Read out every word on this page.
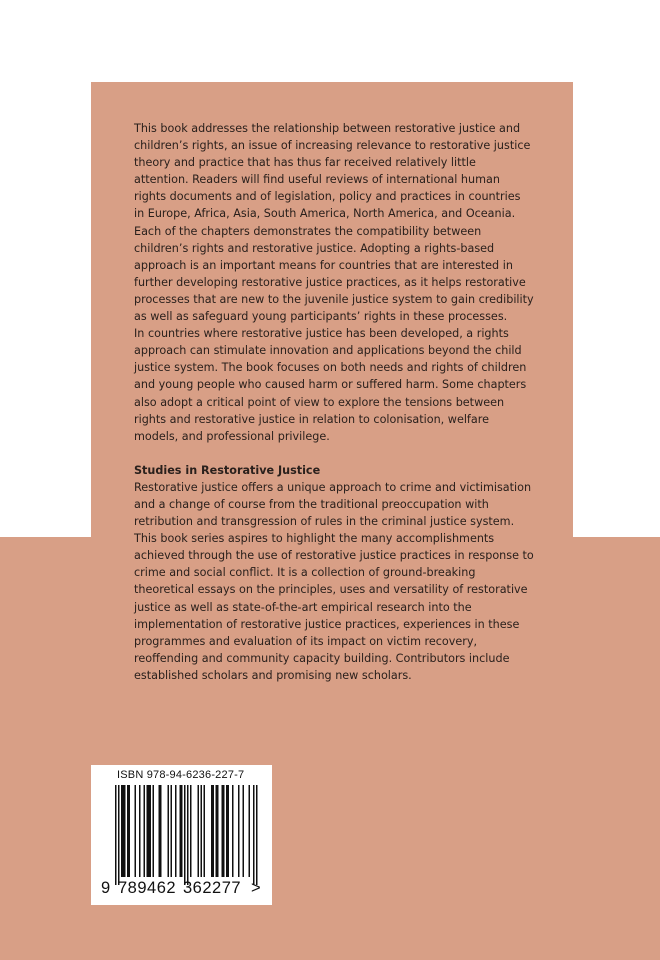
This book addresses the relationship between restorative justice and children’s rights, an issue of increasing relevance to restorative justice theory and practice that has thus far received relatively little attention. Readers will find useful reviews of international human rights documents and of legislation, policy and practices in countries in Europe, Africa, Asia, South America, North America, and Oceania. Each of the chapters demonstrates the compatibility between children’s rights and restorative justice. Adopting a rights-based approach is an important means for countries that are interested in further developing restorative justice practices, as it helps restorative processes that are new to the juvenile justice system to gain credibility as well as safeguard young participants’ rights in these processes.

In countries where restorative justice has been developed, a rights approach can stimulate innovation and applications beyond the child justice system. The book focuses on both needs and rights of children and young people who caused harm or suffered harm. Some chapters also adopt a critical point of view to explore the tensions between rights and restorative justice in relation to colonisation, welfare models, and professional privilege.

Studies in Restorative Justice

Restorative justice offers a unique approach to crime and victimisation and a change of course from the traditional preoccupation with retribution and transgression of rules in the criminal justice system. This book series aspires to highlight the many accomplishments achieved through the use of restorative justice practices in response to crime and social conflict. It is a collection of ground-breaking theoretical essays on the principles, uses and versatility of restorative justice as well as state-of-the-art empirical research into the implementation of restorative justice practices, experiences in these programmes and evaluation of its impact on victim recovery, reoffending and community capacity building. Contributors include established scholars and promising new scholars.

ISBN 978-94-6236-227-7
9 789462 362277 >
